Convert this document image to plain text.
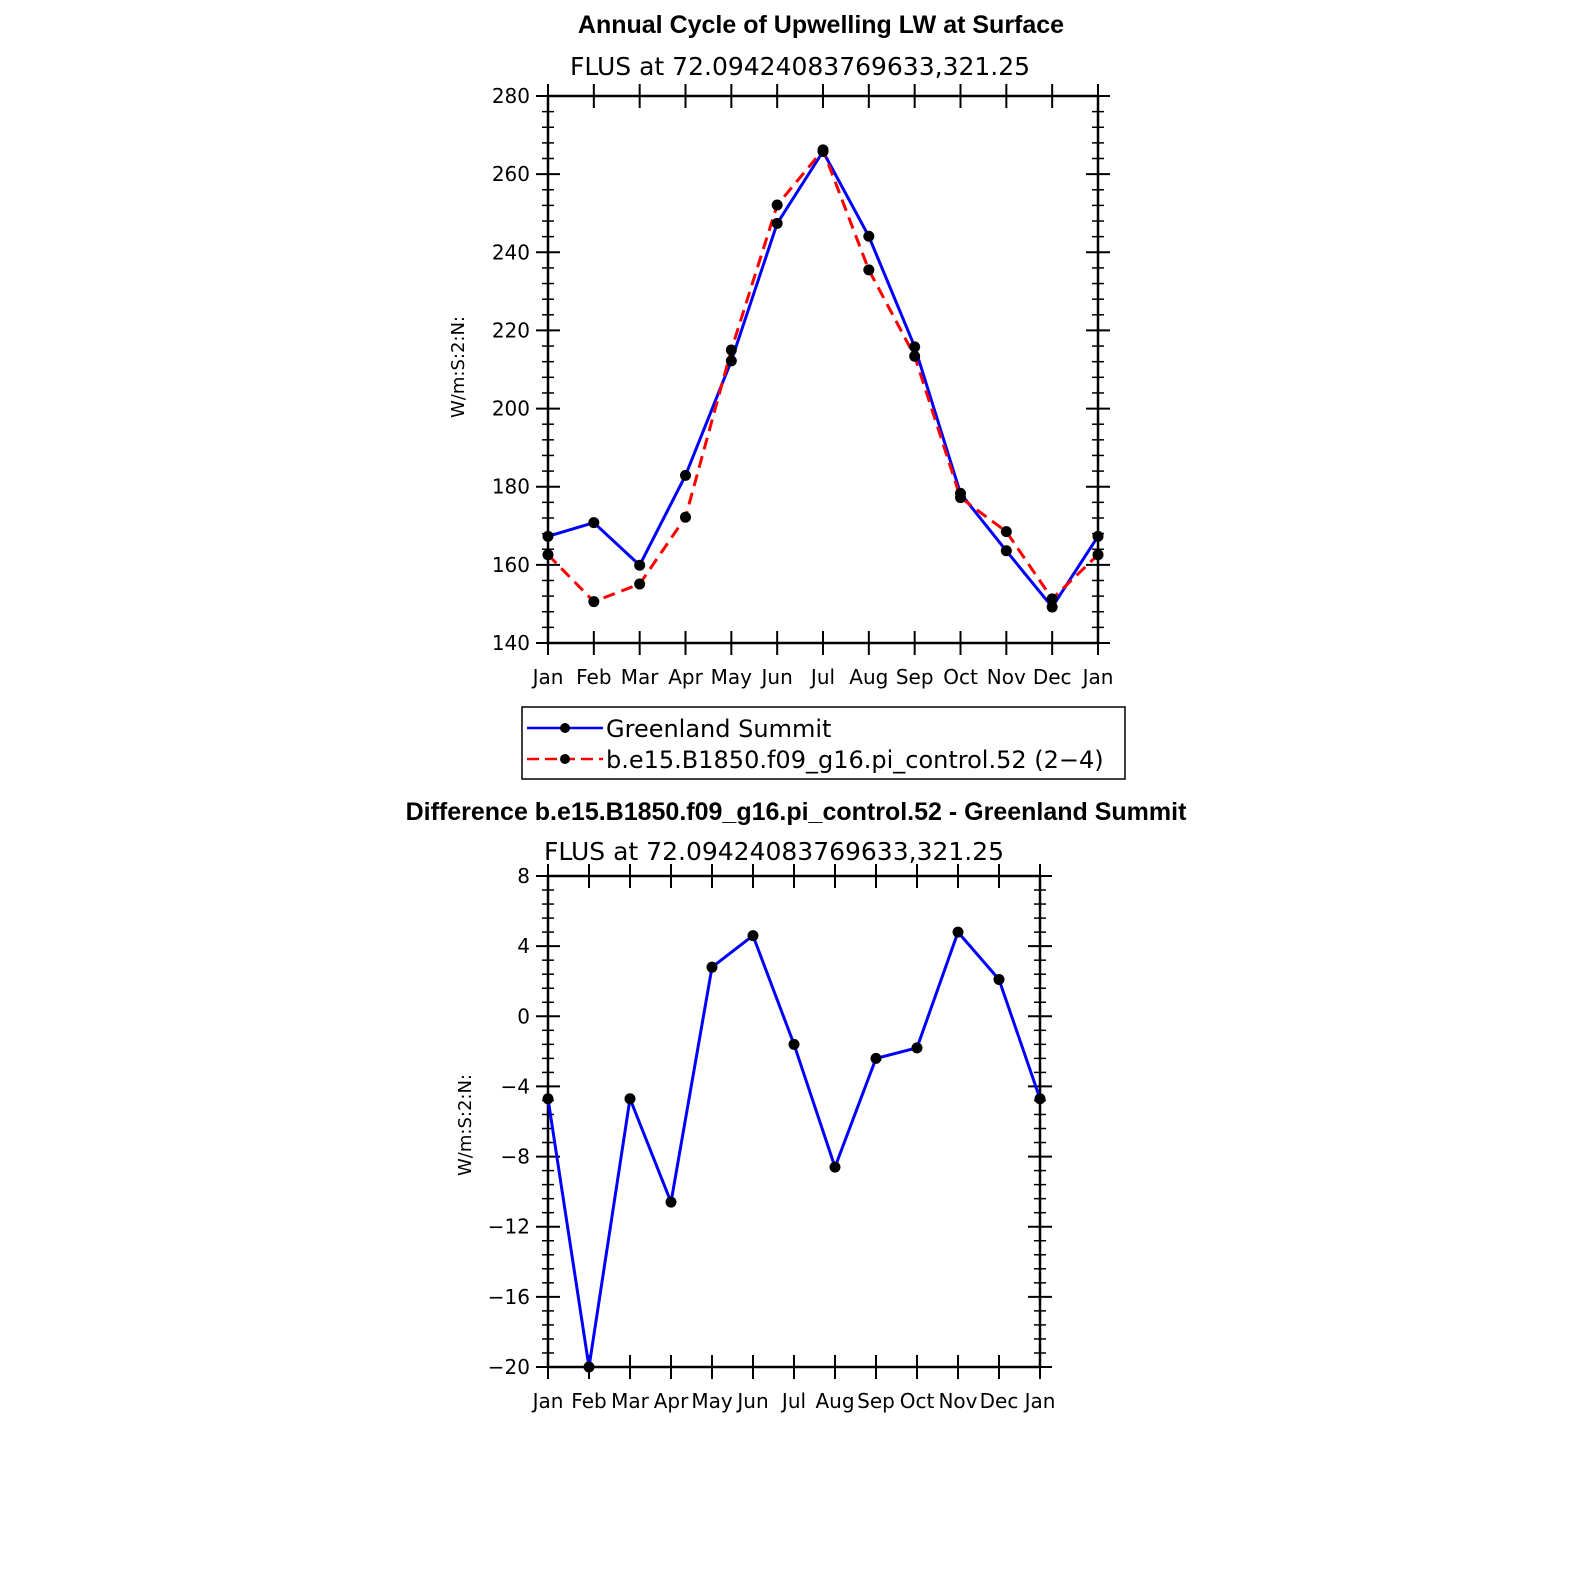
Annual Cycle of Upwelling LW at Surface
FLUS at 72.09424083769633,321.25
W/m:S:2:N:
140
160
180
200
220
240
260
280
Jan Feb Mar Apr May Jun Jul Aug Sep Oct Nov Dec Jan
Greenland Summit
b.e15.B1850.f09_g16.pi_control.52 (2−4)
Difference b.e15.B1850.f09_g16.pi_control.52 - Greenland Summit
FLUS at 72.09424083769633,321.25
W/m:S:2:N:
−20
−16
−12
−8
−4
0
4
8
Jan Feb Mar Apr May Jun Jul Aug Sep Oct Nov Dec Jan
